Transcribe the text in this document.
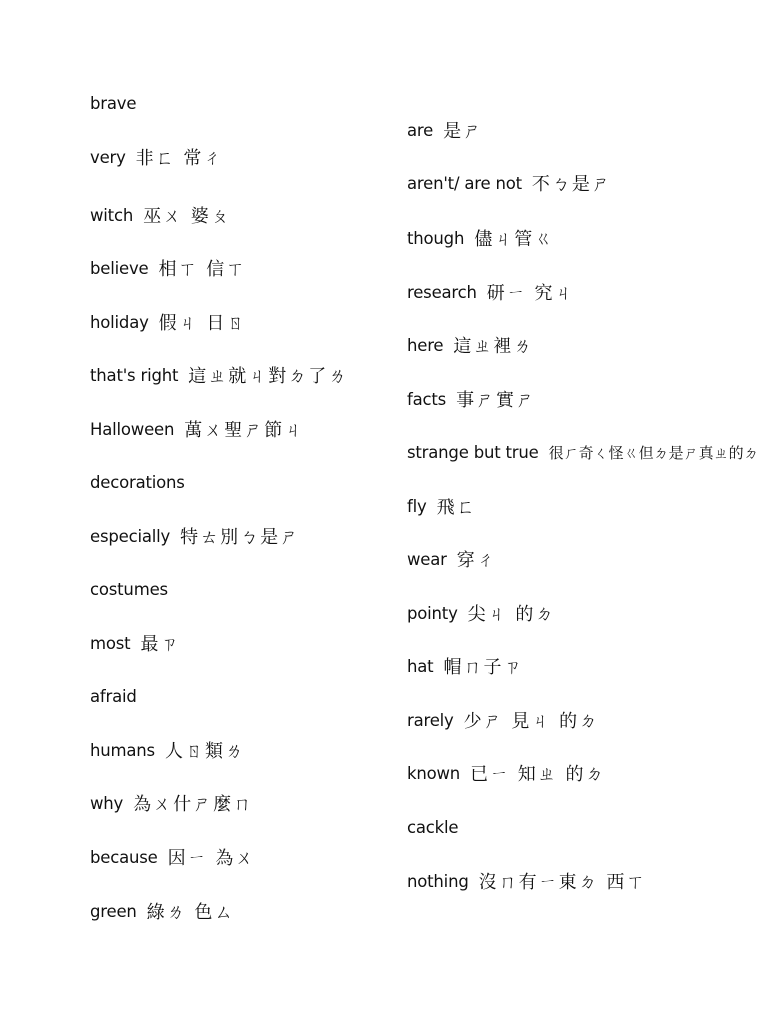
brave
very 非ㄈ 常ㄔ
witch 巫ㄨ 婆ㄆ
believe 相ㄒ 信ㄒ
holiday 假ㄐ 日ㄖ
that's right 這ㄓ就ㄐ對ㄉ了ㄌ
Halloween 萬ㄨ聖ㄕ節ㄐ
decorations
especially 特ㄊ別ㄅ是ㄕ
costumes
most 最ㄗ
afraid
humans 人ㄖ類ㄌ
why 為ㄨ什ㄕ麼ㄇ
because 因ㄧ 為ㄨ
green 綠ㄌ 色ㄙ
are 是ㄕ
aren't/ are not 不ㄅ是ㄕ
though 儘ㄐ管ㄍ
research 研ㄧ 究ㄐ
here 這ㄓ裡ㄌ
facts 事ㄕ實ㄕ
strange but true 很ㄏ奇ㄑ怪ㄍ但ㄉ是ㄕ真ㄓ的ㄉ
fly 飛ㄈ
wear 穿ㄔ
pointy 尖ㄐ 的ㄉ
hat 帽ㄇ子ㄗ
rarely 少ㄕ 見ㄐ 的ㄉ
known 已ㄧ 知ㄓ 的ㄉ
cackle
nothing 沒ㄇ有ㄧ東ㄉ 西ㄒ
